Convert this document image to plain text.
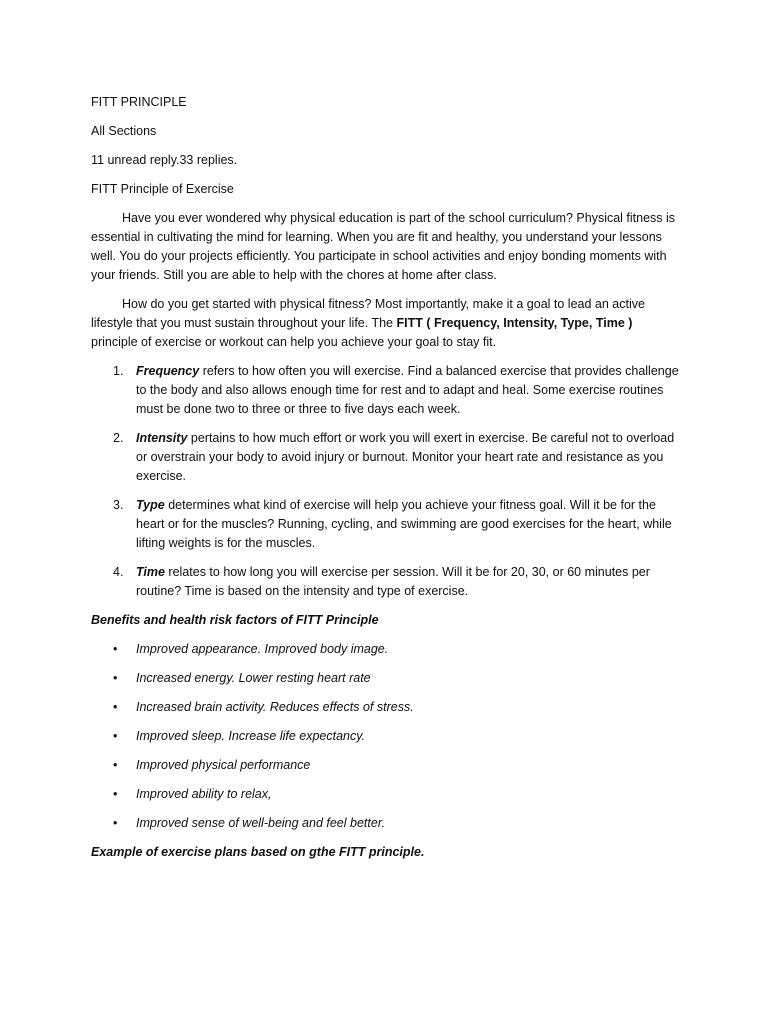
FITT PRINCIPLE

All Sections

11 unread reply.33 replies.

FITT Principle of Exercise

Have you ever wondered why physical education is part of the school curriculum? Physical fitness is essential in cultivating the mind for learning. When you are fit and healthy, you understand your lessons well. You do your projects efficiently. You participate in school activities and enjoy bonding moments with your friends. Still you are able to help with the chores at home after class.

How do you get started with physical fitness? Most importantly, make it a goal to lead an active lifestyle that you must sustain throughout your life. The FITT ( Frequency, Intensity, Type, Time ) principle of exercise or workout can help you achieve your goal to stay fit.

1. Frequency refers to how often you will exercise. Find a balanced exercise that provides challenge to the body and also allows enough time for rest and to adapt and heal. Some exercise routines must be done two to three or three to five days each week.
2. Intensity pertains to how much effort or work you will exert in exercise. Be careful not to overload or overstrain your body to avoid injury or burnout. Monitor your heart rate and resistance as you exercise.
3. Type determines what kind of exercise will help you achieve your fitness goal. Will it be for the heart or for the muscles? Running, cycling, and swimming are good exercises for the heart, while lifting weights is for the muscles.
4. Time relates to how long you will exercise per session. Will it be for 20, 30, or 60 minutes per routine? Time is based on the intensity and type of exercise.

Benefits and health risk factors of FITT Principle

• Improved appearance. Improved body image.
• Increased energy. Lower resting heart rate
• Increased brain activity. Reduces effects of stress.
• Improved sleep. Increase life expectancy.
• Improved physical performance
• Improved ability to relax,
• Improved sense of well-being and feel better.

Example of exercise plans based on gthe FITT principle.
